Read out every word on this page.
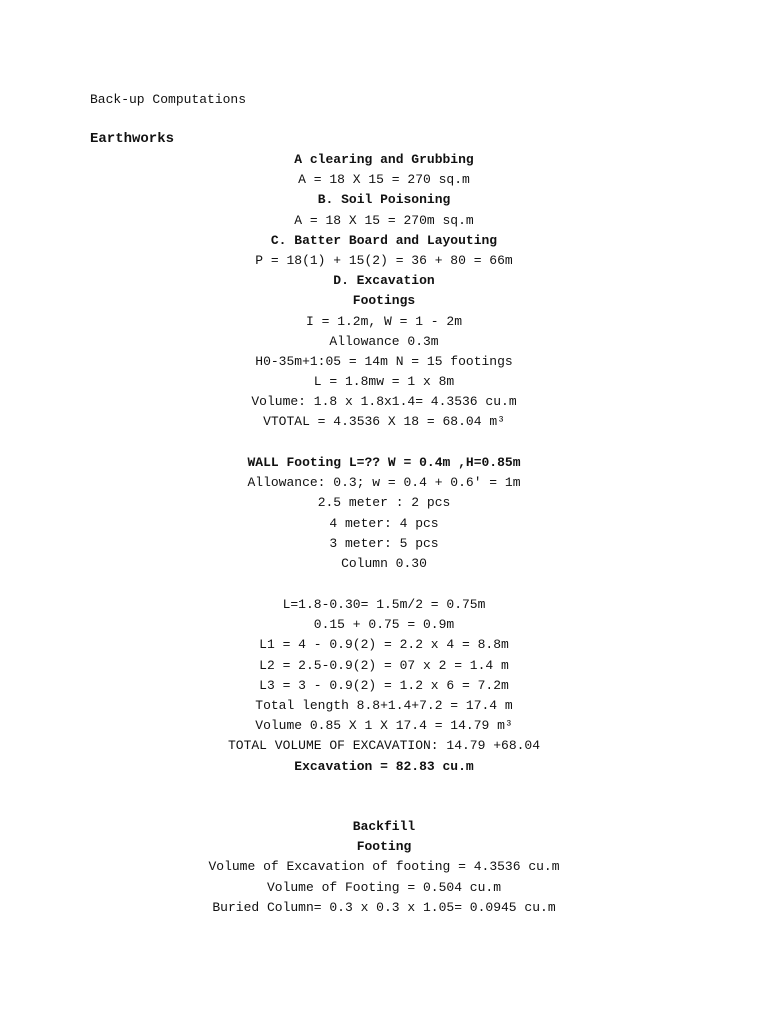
Back-up Computations
Earthworks
A clearing and Grubbing
A = 18 X 15 = 270 sq.m
B. Soil Poisoning
A = 18 X 15 = 270m sq.m
C. Batter Board and Layouting
P = 18(1) + 15(2) = 36 + 80 = 66m
D. Excavation
Footings
I = 1.2m, W = 1 - 2m
Allowance 0.3m
H0-35m+1:05 = 14m N = 15 footings
L = 1.8mw = 1 x 8m
Volume: 1.8 x 1.8x1.4= 4.3536 cu.m
VTOTAL = 4.3536 X 18 = 68.04 m³
WALL Footing L=?? W = 0.4m ,H=0.85m
Allowance: 0.3; w = 0.4 + 0.6' = 1m
2.5 meter : 2 pcs
4 meter: 4 pcs
3 meter: 5 pcs
Column 0.30
L=1.8-0.30= 1.5m/2 = 0.75m
0.15 + 0.75 = 0.9m
L1 = 4 - 0.9(2) = 2.2 x 4 = 8.8m
L2 = 2.5-0.9(2) = 07 x 2 = 1.4 m
L3 = 3 - 0.9(2) = 1.2 x 6 = 7.2m
Total length 8.8+1.4+7.2 = 17.4 m
Volume 0.85 X 1 X 17.4 = 14.79 m³
TOTAL VOLUME OF EXCAVATION: 14.79 +68.04
Excavation = 82.83 cu.m
Backfill
Footing
Volume of Excavation of footing = 4.3536 cu.m
Volume of Footing = 0.504 cu.m
Buried Column= 0.3 x 0.3 x 1.05= 0.0945 cu.m
